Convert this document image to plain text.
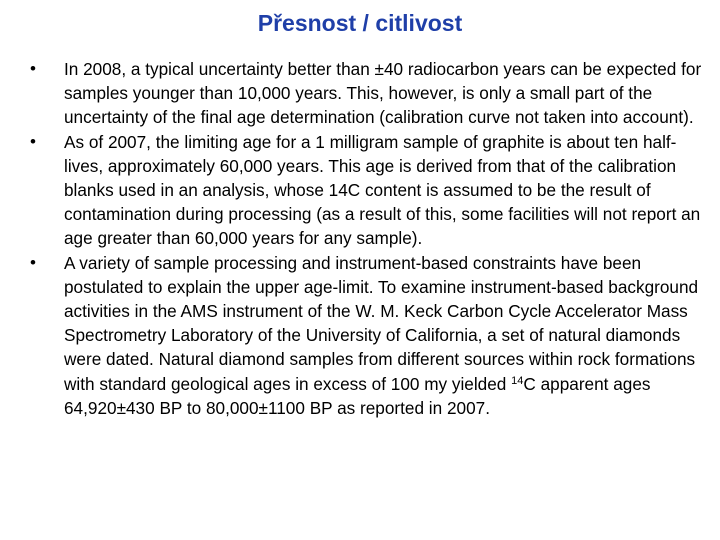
Přesnost / citlivost
• In 2008, a typical uncertainty better than ±40 radiocarbon years can be expected for samples younger than 10,000 years. This, however, is only a small part of the uncertainty of the final age determination (calibration curve not taken into account).
• As of 2007, the limiting age for a 1 milligram sample of graphite is about ten half-lives, approximately 60,000 years. This age is derived from that of the calibration blanks used in an analysis, whose 14C content is assumed to be the result of contamination during processing (as a result of this, some facilities will not report an age greater than 60,000 years for any sample).
• A variety of sample processing and instrument-based constraints have been postulated to explain the upper age-limit. To examine instrument-based background activities in the AMS instrument of the W. M. Keck Carbon Cycle Accelerator Mass Spectrometry Laboratory of the University of California, a set of natural diamonds were dated. Natural diamond samples from different sources within rock formations with standard geological ages in excess of 100 my yielded $^{14}$C apparent ages 64,920±430 BP to 80,000±1100 BP as reported in 2007.
